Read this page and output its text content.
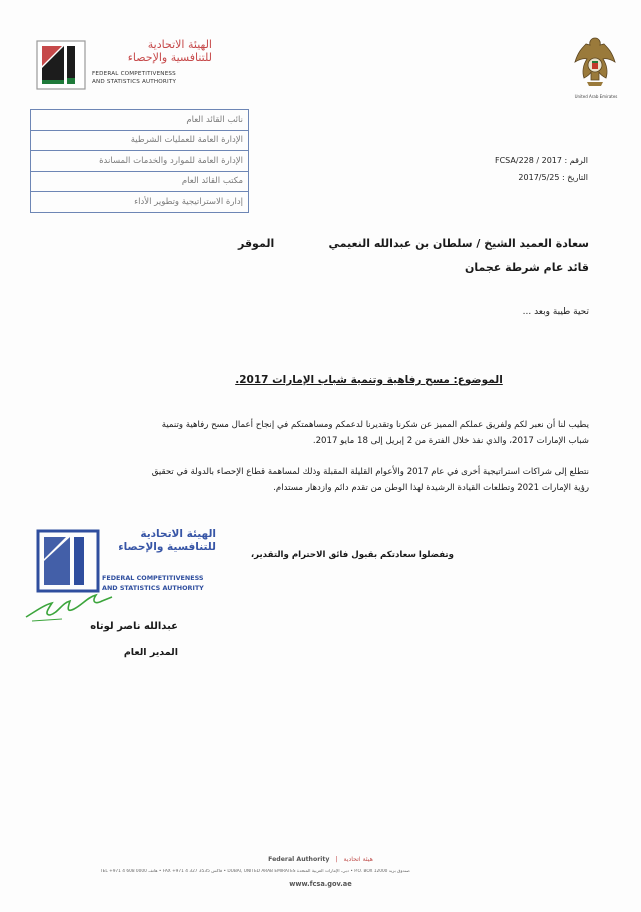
الهيئة الاتحادية
للتنافسية والإحصاء
FEDERAL COMPETITIVENESS
AND STATISTICS AUTHORITY
United Arab Emirates
نائب القائد العام
الإدارة العامة للعمليات الشرطية
الإدارة العامة للموارد والخدمات المساندة
مكتب القائد العام
إدارة الاستراتيجية وتطوير الأداء
الرقم : 2017 / 228/FCSA
التاريخ : 2017/5/25
سعادة العميد الشيخ / سلطان بن عبدالله النعيمي
الموقر
قائد عام شرطة عجمان
تحية طيبة وبعد ...
الموضوع: مسح رفاهية وتنمية شباب الإمارات 2017.
يطيب لنا أن نعبر لكم ولفريق عملكم المميز عن شكرنا وتقديرنا لدعمكم ومساهمتكم في إنجاح أعمال مسح رفاهية وتنمية
شباب الإمارات 2017، والذي نفذ خلال الفترة من 2 إبريل إلى 18 مايو 2017.
نتطلع إلى شراكات استراتيجية أخرى في عام 2017 والأعوام القليلة المقبلة وذلك لمساهمة قطاع الإحصاء بالدولة في تحقيق
رؤية الإمارات 2021 وتطلعات القيادة الرشيدة لهذا الوطن من تقدم دائم وازدهار مستدام.
الهيئة الاتحادية
للتنافسية والإحصاء
FEDERAL COMPETITIVENESS
AND STATISTICS AUTHORITY
وتفضلوا سعادتكم بقبول فائق الاحترام والتقدير،
عبدالله ناصر لوتاه
المدير العام
Federal Authority | هيئة اتحادية
TEL +971 4 608 0000 هاتف • FAX +971 4 327 3535 فاكس • DUBAI, UNITED ARAB EMIRATES دبي، الإمارات العربية المتحدة • P.O. BOX 12000 صندوق بريد
www.fcsa.gov.ae
